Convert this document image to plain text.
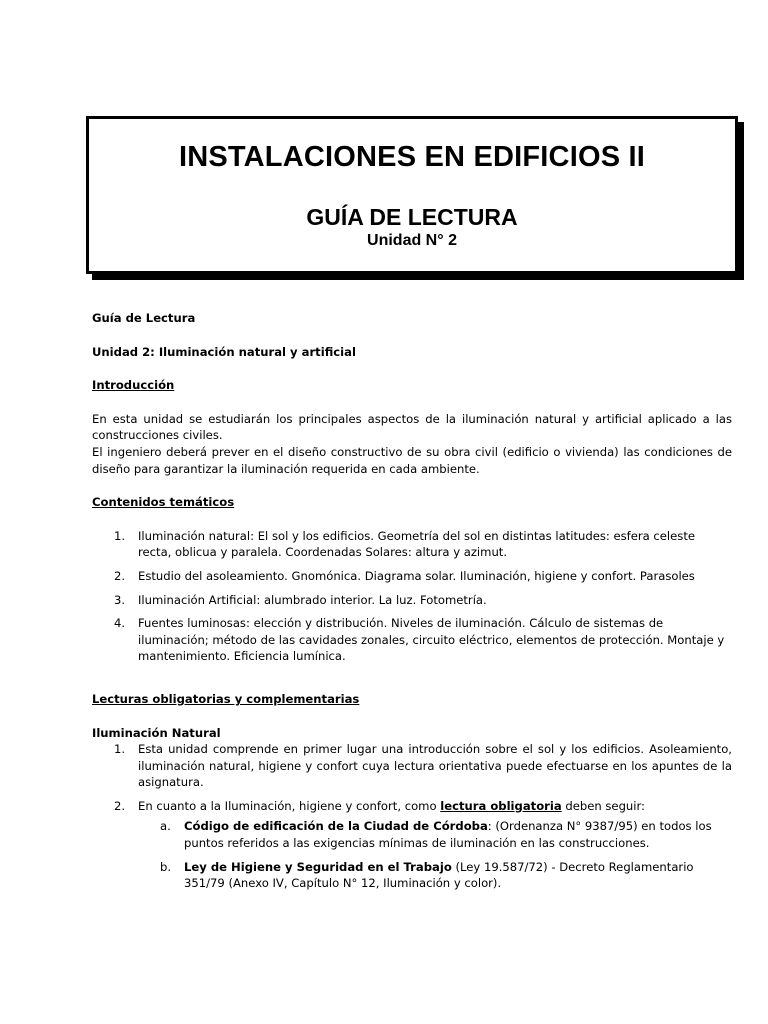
INSTALACIONES EN EDIFICIOS II
GUÍA DE LECTURA
Unidad N° 2

Guía de Lectura

Unidad 2: Iluminación natural y artificial

Introducción

En esta unidad se estudiarán los principales aspectos de la iluminación natural y artificial aplicado a las construcciones civiles.

El ingeniero deberá prever en el diseño constructivo de su obra civil (edificio o vivienda) las condiciones de diseño para garantizar la iluminación requerida en cada ambiente.

Contenidos temáticos

1. Iluminación natural: El sol y los edificios. Geometría del sol en distintas latitudes: esfera celeste recta, oblicua y paralela. Coordenadas Solares: altura y azimut.
2. Estudio del asoleamiento. Gnomónica. Diagrama solar. Iluminación, higiene y confort. Parasoles
3. Iluminación Artificial: alumbrado interior. La luz. Fotometría.
4. Fuentes luminosas: elección y distribución. Niveles de iluminación. Cálculo de sistemas de iluminación; método de las cavidades zonales, circuito eléctrico, elementos de protección. Montaje y mantenimiento. Eficiencia lumínica.

Lecturas obligatorias y complementarias

Iluminación Natural

1. Esta unidad comprende en primer lugar una introducción sobre el sol y los edificios. Asoleamiento, iluminación natural, higiene y confort cuya lectura orientativa puede efectuarse en los apuntes de la asignatura.
2. En cuanto a la Iluminación, higiene y confort, como lectura obligatoria deben seguir:
a. Código de edificación de la Ciudad de Córdoba: (Ordenanza N° 9387/95) en todos los puntos referidos a las exigencias mínimas de iluminación en las construcciones.
b. Ley de Higiene y Seguridad en el Trabajo (Ley 19.587/72) - Decreto Reglamentario 351/79 (Anexo IV, Capítulo N° 12, Iluminación y color).
